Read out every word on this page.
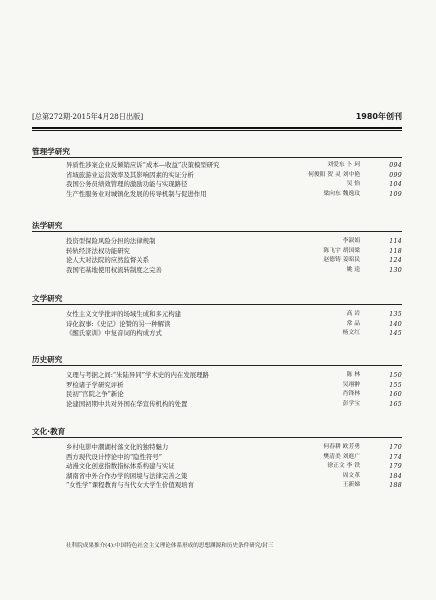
[总第272期·2015年4月28日出版]	1980年创刊
管理学研究
异质性涉案企业反倾销应诉“成本—收益”决策模型研究	刘爱东 卜 珂	094
省域旅游业运营效率及其影响因素的实证分析	何俊阳 贺 灵 刘中艳	099
我国公务员绩效管理的激励功能与实现路径	吴 怡	104
生产性服务业对城镇化发展的传导机制与促进作用	梁向东 魏逸玟	109
法学研究
投资型保险风险分担的法律规制	李淑娟	114
转轨经济法权功能研究	陈飞宇 胡国梁	118
论人大对法院的应然监督关系	赵德铸 姜昭民	124
我国宅基地使用权流转制度之完善	姚 逵	130
文学研究
女性主义文学批评的场域生成和多元构建	高 岩	135
诗化叙事:《史记》论赞的另一种解读	常 品	140
《醒氏家训》中复音词的构成方式	杨文红	145
历史研究
义理与考据之间:“朱陆异同”学术史的内在发展理路	陈 林	150
罗检诸子学研究评析	吴翊翀	155
民初“宫院之争”新论	肖锋林	160
论建国初期中共对外国在华宣传机构的处置	彭学宝	165
文化·教育
乡村电影中潮湖村落文化的独特魅力	何春耕 欧芳勇	170
西方现代设计悖论中的“隐性符号”	樊清美 刘進广	174
动漫文化创意指数指标体系构建与实证	徐正文 李 铁	179
湖南省中外合作办学的困境与法律完善之策	周文革	184
“女性学”课程教育与当代女大学生价值观培育	王新娣	188
社科院成果推介(4):中国特色社会主义理论体系形成的思想渊源和历史条件研究/封三
